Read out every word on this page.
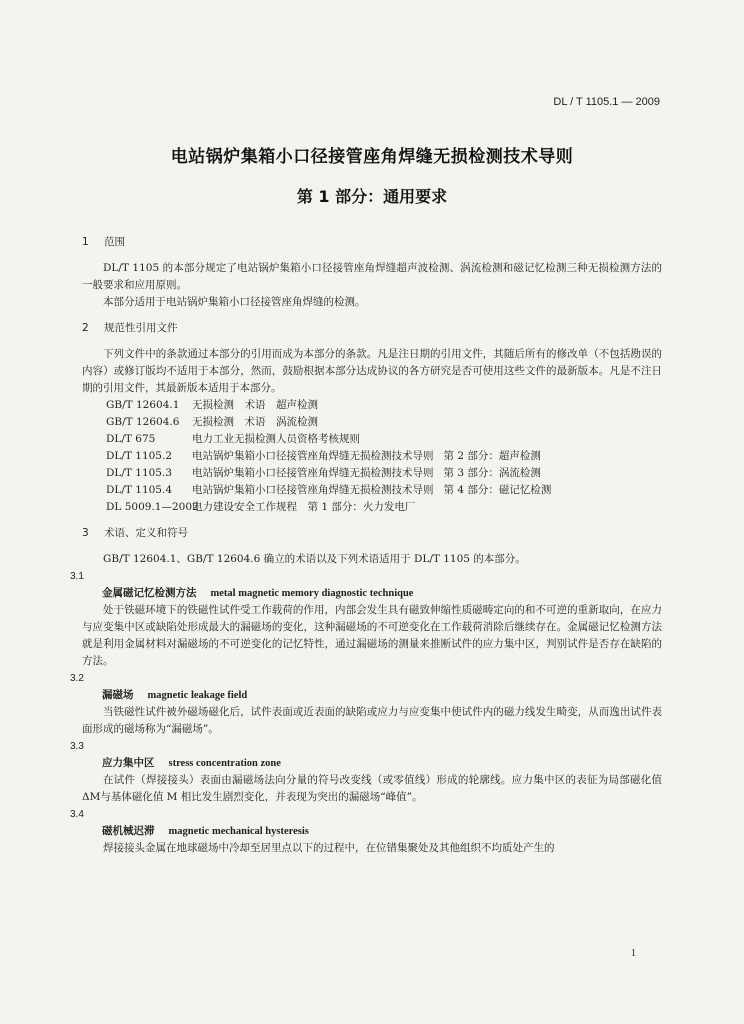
DL / T 1105.1 — 2009
电站锅炉集箱小口径接管座角焊缝无损检测技术导则
第 1 部分：通用要求

1 范围

DL/T 1105 的本部分规定了电站锅炉集箱小口径接管座角焊缝超声波检测、涡流检测和磁记忆检测三种无损检测方法的一般要求和应用原则。

本部分适用于电站锅炉集箱小口径接管座角焊缝的检测。

2 规范性引用文件

下列文件中的条款通过本部分的引用而成为本部分的条款。凡是注日期的引用文件，其随后所有的修改单（不包括勘误的内容）或修订版均不适用于本部分，然而，鼓励根据本部分达成协议的各方研究是否可使用这些文件的最新版本。凡是不注日期的引用文件，其最新版本适用于本部分。

GB/T 12604.1 无损检测　术语　超声检测
GB/T 12604.6 无损检测　术语　涡流检测
DL/T 675	电力工业无损检测人员资格考核规则
DL/T 1105.2 电站锅炉集箱小口径接管座角焊缝无损检测技术导则 第 2 部分：超声检测
DL/T 1105.3 电站锅炉集箱小口径接管座角焊缝无损检测技术导则 第 3 部分：涡流检测
DL/T 1105.4 电站锅炉集箱小口径接管座角焊缝无损检测技术导则 第 4 部分：磁记忆检测
DL 5009.1—2002电力建设安全工作规程　第 1 部分：火力发电厂

3 术语、定义和符号

GB/T 12604.1、GB/T 12604.6 确立的术语以及下列术语适用于 DL/T 1105 的本部分。

3.1

金属磁记忆检测方法 metal magnetic memory diagnostic technique

处于铁磁环境下的铁磁性试件受工作载荷的作用，内部会发生具有磁致伸缩性质磁畴定向的和不可逆的重新取向，在应力与应变集中区或缺陷处形成最大的漏磁场的变化，这种漏磁场的不可逆变化在工作载荷消除后继续存在。金属磁记忆检测方法就是利用金属材料对漏磁场的不可逆变化的记忆特性，通过漏磁场的测量来推断试件的应力集中区，判别试件是否存在缺陷的方法。

3.2

漏磁场 magnetic leakage field

当铁磁性试件被外磁场磁化后，试件表面或近表面的缺陷或应力与应变集中使试件内的磁力线发生畸变，从而逸出试件表面形成的磁场称为“漏磁场”。

3.3

应力集中区 stress concentration zone

在试件（焊接接头）表面由漏磁场法向分量的符号改变线（或零值线）形成的轮廓线。应力集中区的表征为局部磁化值ΔM与基体磁化值 M 相比发生剧烈变化，并表现为突出的漏磁场“峰值”。

3.4

磁机械迟滞 magnetic mechanical hysteresis

焊接接头金属在地球磁场中冷却至居里点以下的过程中，在位错集聚处及其他组织不均质处产生的

1
